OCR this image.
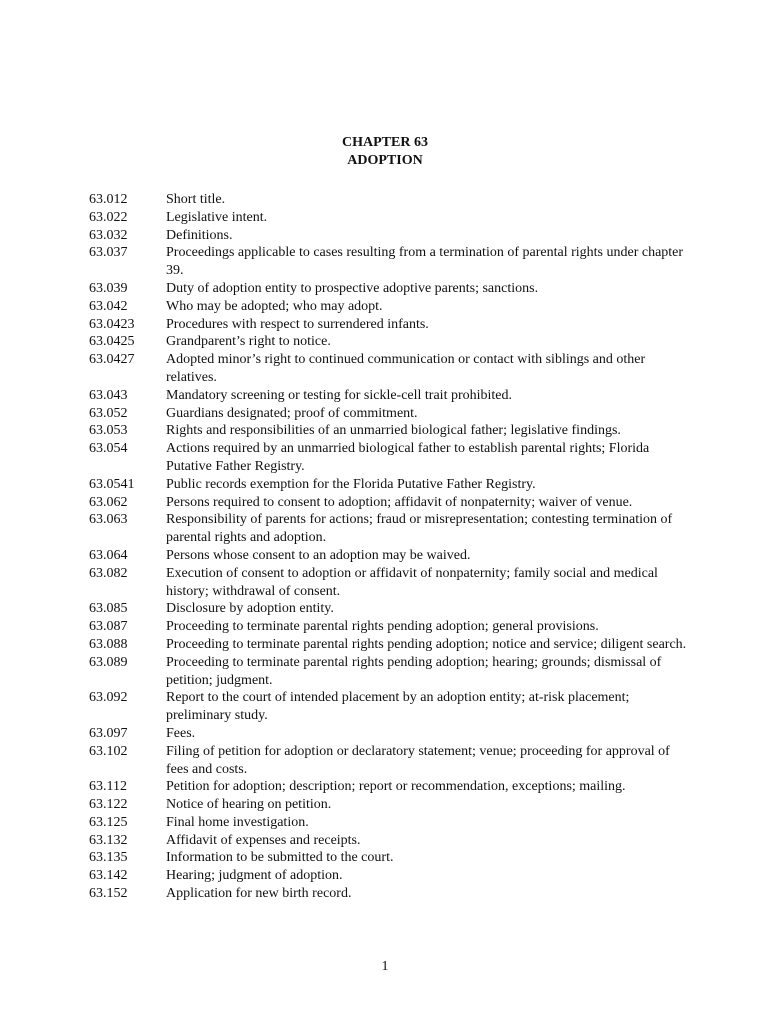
CHAPTER 63
ADOPTION
63.012	Short title.
63.022	Legislative intent.
63.032	Definitions.
63.037	Proceedings applicable to cases resulting from a termination of parental rights under chapter 39.
63.039	Duty of adoption entity to prospective adoptive parents; sanctions.
63.042	Who may be adopted; who may adopt.
63.0423	Procedures with respect to surrendered infants.
63.0425	Grandparent’s right to notice.
63.0427	Adopted minor’s right to continued communication or contact with siblings and other relatives.
63.043	Mandatory screening or testing for sickle-cell trait prohibited.
63.052	Guardians designated; proof of commitment.
63.053	Rights and responsibilities of an unmarried biological father; legislative findings.
63.054	Actions required by an unmarried biological father to establish parental rights; Florida Putative Father Registry.
63.0541	Public records exemption for the Florida Putative Father Registry.
63.062	Persons required to consent to adoption; affidavit of nonpaternity; waiver of venue.
63.063	Responsibility of parents for actions; fraud or misrepresentation; contesting termination of parental rights and adoption.
63.064	Persons whose consent to an adoption may be waived.
63.082	Execution of consent to adoption or affidavit of nonpaternity; family social and medical history; withdrawal of consent.
63.085	Disclosure by adoption entity.
63.087	Proceeding to terminate parental rights pending adoption; general provisions.
63.088	Proceeding to terminate parental rights pending adoption; notice and service; diligent search.
63.089	Proceeding to terminate parental rights pending adoption; hearing; grounds; dismissal of petition; judgment.
63.092	Report to the court of intended placement by an adoption entity; at-risk placement; preliminary study.
63.097	Fees.
63.102	Filing of petition for adoption or declaratory statement; venue; proceeding for approval of fees and costs.
63.112	Petition for adoption; description; report or recommendation, exceptions; mailing.
63.122	Notice of hearing on petition.
63.125	Final home investigation.
63.132	Affidavit of expenses and receipts.
63.135	Information to be submitted to the court.
63.142	Hearing; judgment of adoption.
63.152	Application for new birth record.
1
